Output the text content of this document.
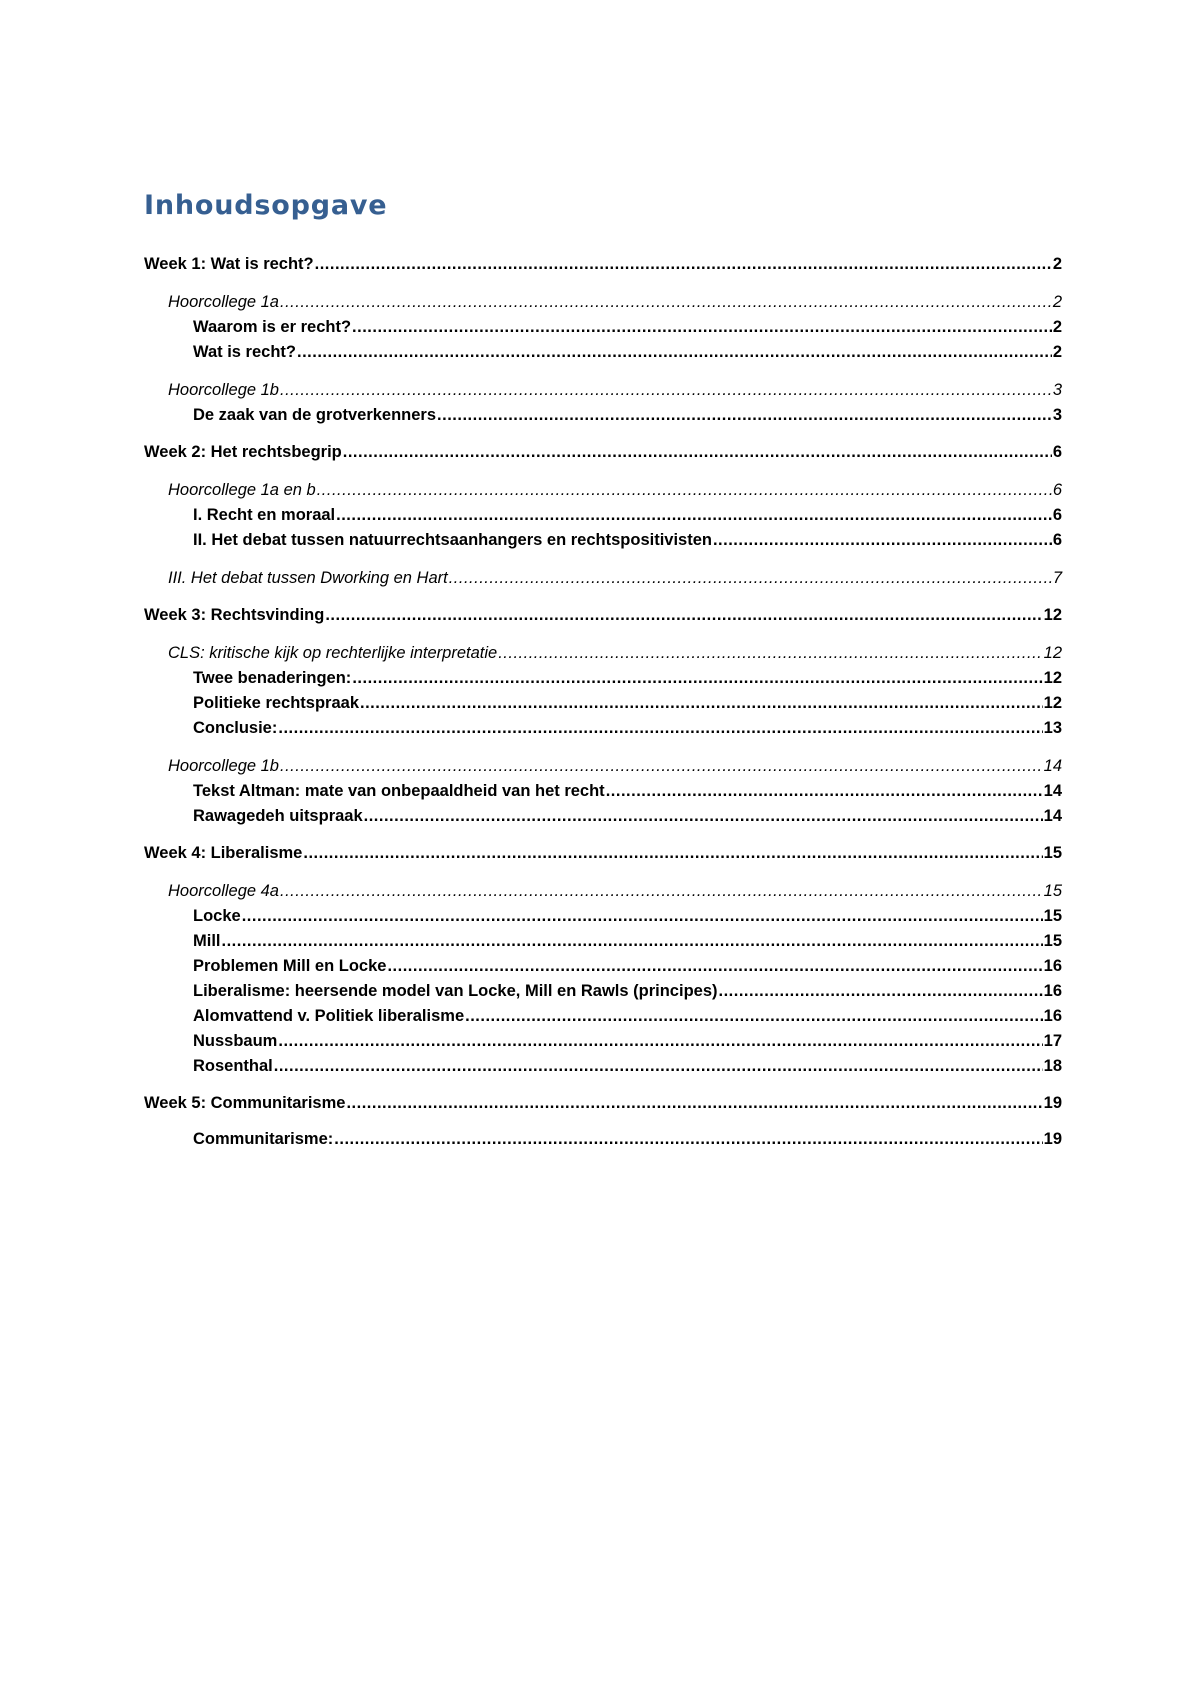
Inhoudsopgave
Week 1: Wat is recht? .....	2
Hoorcollege 1a .....	2
Waarom is er recht? .....	2
Wat is recht? .....	2
Hoorcollege 1b .....	3
De zaak van de grotverkenners .....	3
Week 2: Het rechtsbegrip .....	6
Hoorcollege 1a en b .....	6
I. Recht en moraal .....	6
II. Het debat tussen natuurrechtsaanhangers en rechtspositivisten .....	6
III. Het debat tussen Dworking en Hart .....	7
Week 3: Rechtsvinding .....	12
CLS: kritische kijk op rechterlijke interpretatie .....	12
Twee benaderingen: .....	12
Politieke rechtspraak .....	12
Conclusie: .....	13
Hoorcollege 1b .....	14
Tekst Altman: mate van onbepaaldheid van het recht .....	14
Rawagedeh uitspraak .....	14
Week 4: Liberalisme .....	15
Hoorcollege 4a .....	15
Locke .....	15
Mill .....	15
Problemen Mill en Locke .....	16
Liberalisme: heersende model van Locke, Mill en Rawls (principes) .....	16
Alomvattend v. Politiek liberalisme .....	16
Nussbaum .....	17
Rosenthal .....	18
Week 5: Communitarisme .....	19
Communitarisme: .....	19
